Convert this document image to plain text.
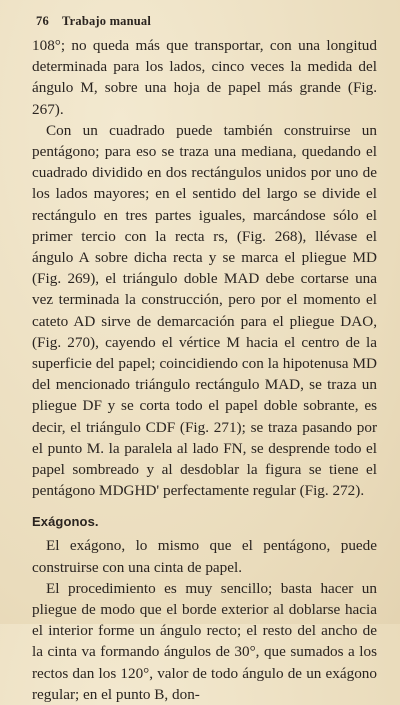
76 Trabajo manual

108°; no queda más que transportar, con una longitud determinada para los lados, cinco veces la medida del ángulo M, sobre una hoja de papel más grande (Fig. 267).

Con un cuadrado puede también construirse un pentágono; para eso se traza una mediana, quedando el cuadrado dividido en dos rectángulos unidos por uno de los lados mayores; en el sentido del largo se divide el rectángulo en tres partes iguales, marcándose sólo el primer tercio con la recta rs, (Fig. 268), llévase el ángulo A sobre dicha recta y se marca el pliegue MD (Fig. 269), el triángulo doble MAD debe cortarse una vez terminada la construcción, pero por el momento el cateto AD sirve de demarcación para el pliegue DAO, (Fig. 270), cayendo el vértice M hacia el centro de la superficie del papel; coincidiendo con la hipotenusa MD del mencionado triángulo rectángulo MAD, se traza un pliegue DF y se corta todo el papel doble sobrante, es decir, el triángulo CDF (Fig. 271); se traza pasando por el punto M. la paralela al lado FN, se desprende todo el papel sombreado y al desdoblar la figura se tiene el pentágono MDGHD' perfectamente regular (Fig. 272).

Exágonos.

El exágono, lo mismo que el pentágono, puede construirse con una cinta de papel.

El procedimiento es muy sencillo; basta hacer un pliegue de modo que el borde exterior al doblarse hacia el interior forme un ángulo recto; el resto del ancho de la cinta va formando ángulos de 30°, que sumados a los rectos dan los 120°, valor de todo ángulo de un exágono regular; en el punto B, don-
